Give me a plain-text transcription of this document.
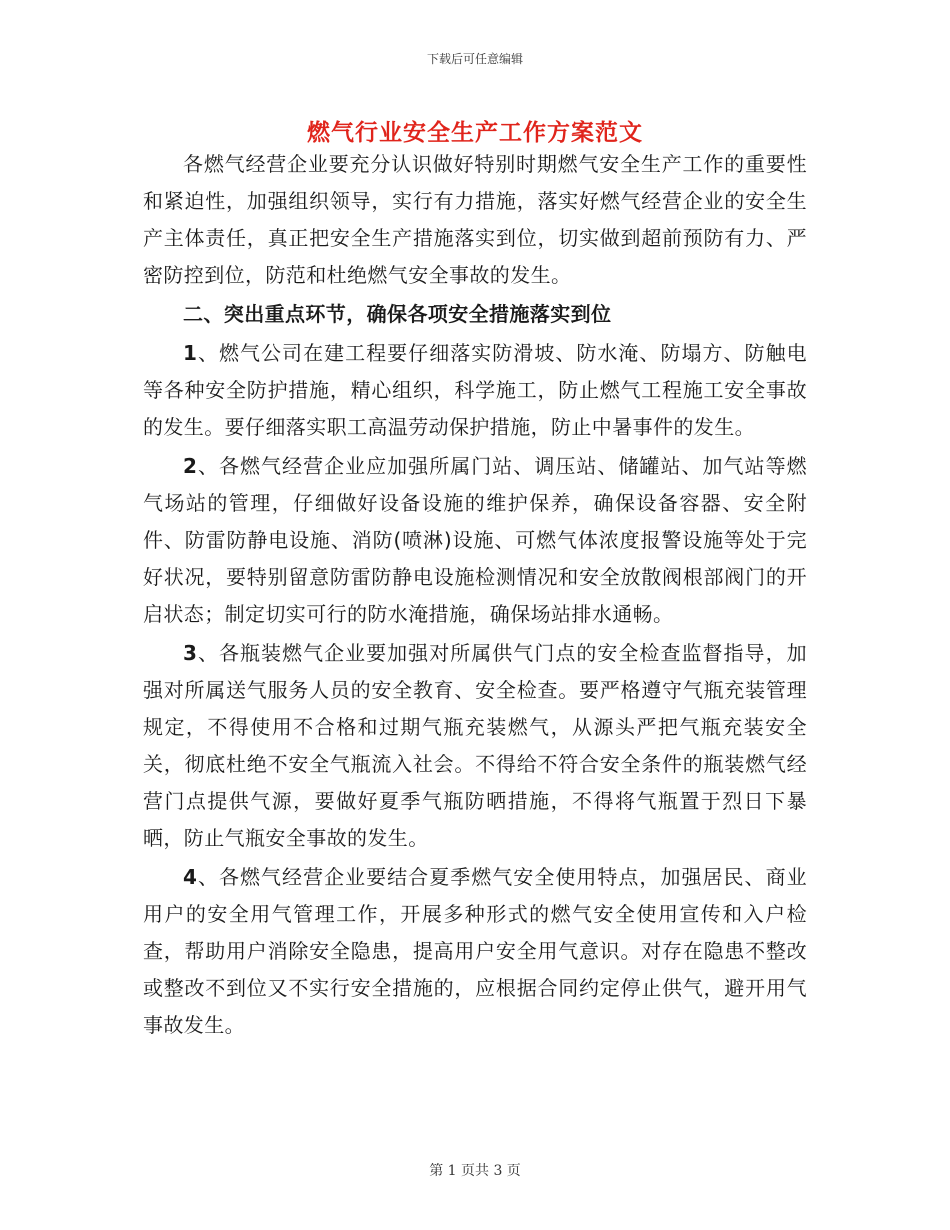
下载后可任意编辑
燃气行业安全生产工作方案范文

各燃气经营企业要充分认识做好特别时期燃气安全生产工作的重要性和紧迫性，加强组织领导，实行有力措施，落实好燃气经营企业的安全生产主体责任，真正把安全生产措施落实到位，切实做到超前预防有力、严密防控到位，防范和杜绝燃气安全事故的发生。

二、突出重点环节，确保各项安全措施落实到位

1、燃气公司在建工程要仔细落实防滑坡、防水淹、防塌方、防触电等各种安全防护措施，精心组织，科学施工，防止燃气工程施工安全事故的发生。要仔细落实职工高温劳动保护措施，防止中暑事件的发生。

2、各燃气经营企业应加强所属门站、调压站、储罐站、加气站等燃气场站的管理，仔细做好设备设施的维护保养，确保设备容器、安全附件、防雷防静电设施、消防(喷淋)设施、可燃气体浓度报警设施等处于完好状况，要特别留意防雷防静电设施检测情况和安全放散阀根部阀门的开启状态；制定切实可行的防水淹措施，确保场站排水通畅。

3、各瓶装燃气企业要加强对所属供气门点的安全检查监督指导，加强对所属送气服务人员的安全教育、安全检查。要严格遵守气瓶充装管理规定，不得使用不合格和过期气瓶充装燃气，从源头严把气瓶充装安全关，彻底杜绝不安全气瓶流入社会。不得给不符合安全条件的瓶装燃气经营门点提供气源，要做好夏季气瓶防晒措施，不得将气瓶置于烈日下暴晒，防止气瓶安全事故的发生。

4、各燃气经营企业要结合夏季燃气安全使用特点，加强居民、商业用户的安全用气管理工作，开展多种形式的燃气安全使用宣传和入户检查，帮助用户消除安全隐患，提高用户安全用气意识。对存在隐患不整改或整改不到位又不实行安全措施的，应根据合同约定停止供气，避开用气事故发生。

第 1 页共 3 页
